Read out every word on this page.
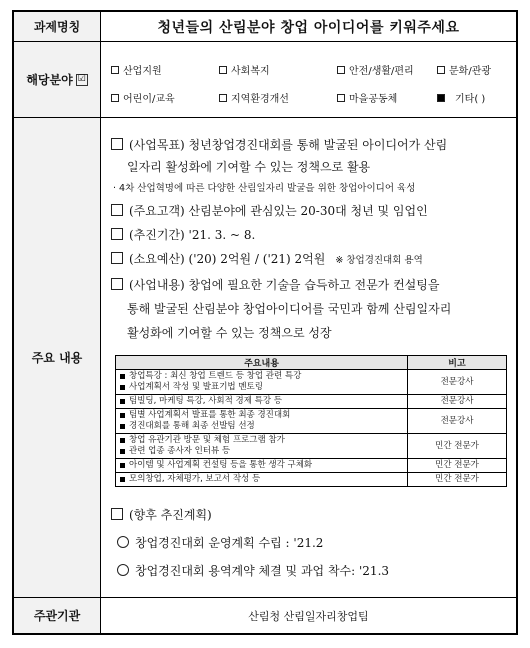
과제명칭	청년들의 산림분야 창업 아이디어를 키워주세요
해당분야 ☑
산업지원	사회복지	안전/생활/편리	문화/관광
어린이/교육	지역환경개선	마을공동체	기타( )
주요 내용
(사업목표) 청년창업경진대회를 통해 발굴된 아이디어가 산림
일자리 활성화에 기여할 수 있는 정책으로 활용
· 4차 산업혁명에 따른 다양한 산림일자리 발굴을 위한 창업아이디어 육성
(주요고객) 산림분야에 관심있는 20-30대 청년 및 임업인
(추진기간) '21. 3. ~ 8.
(소요예산) ('20) 2억원 / ('21) 2억원 ※ 창업경진대회 용역
(사업내용) 창업에 필요한 기술을 습득하고 전문가 컨설팅을
통해 발굴된 산림분야 창업아이디어를 국민과 함께 산림일자리
활성화에 기여할 수 있는 정책으로 성장
주요내용	비고

창업특강 : 최신 창업 트렌드 등 창업 관련 특강
사업계획서 작성 및 발표기법 멘토링	전문강사

팀빌딩, 마케팅 특강, 사회적 경제 특강 등	전문강사

팀별 사업계획서 발표를 통한 최종 경진대회
경진대회를 통해 최종 선발팀 선정	전문강사

창업 유관기관 방문 및 체험 프로그램 참가
관련 업종 종사자 인터뷰 등	민간 전문가

아이템 및 사업계획 컨설팅 등을 통한 생각 구체화	민간 전문가

모의창업, 자체평가, 보고서 작성 등	민간 전문가
(향후 추진계획)
창업경진대회 운영계획 수립 : '21.2
창업경진대회 용역계약 체결 및 과업 착수: '21.3
주관기관	산림청 산림일자리창업팀
